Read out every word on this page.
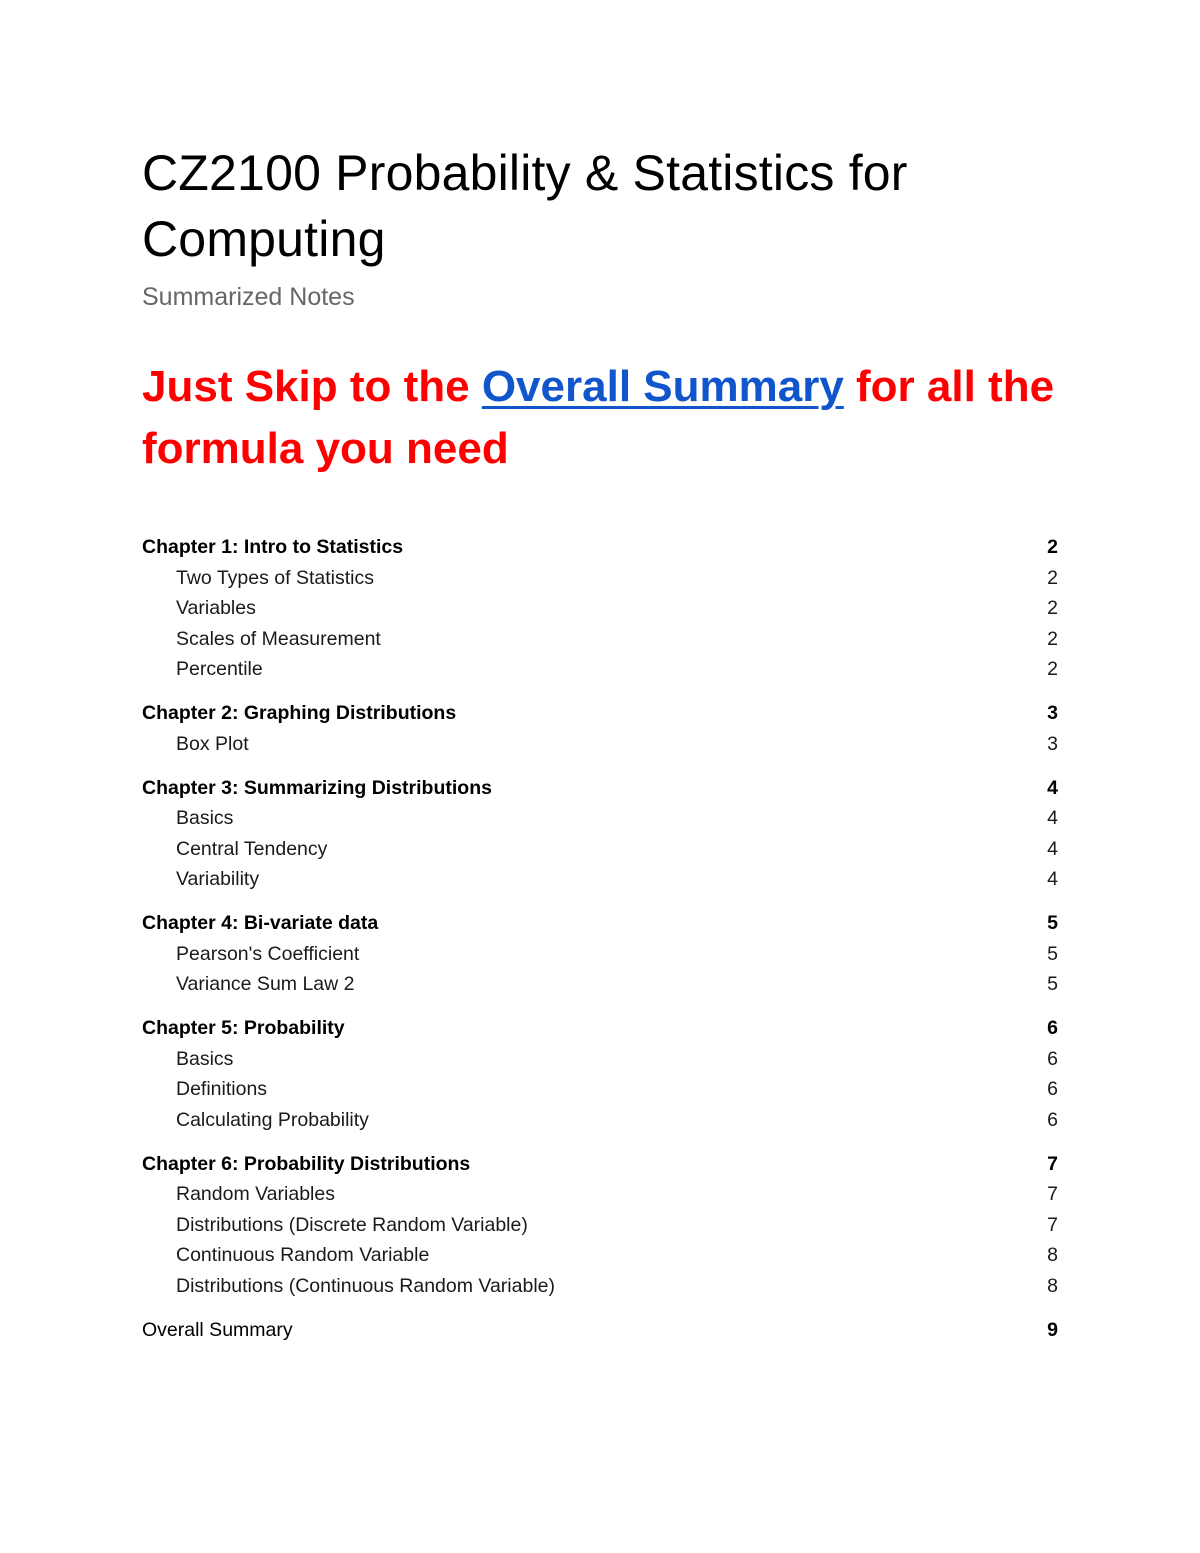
CZ2100 Probability & Statistics for Computing
Summarized Notes
Just Skip to the Overall Summary for all the formula you need
Chapter 1: Intro to Statistics	2
Two Types of Statistics	2
Variables	2
Scales of Measurement	2
Percentile	2
Chapter 2: Graphing Distributions	3
Box Plot	3
Chapter 3: Summarizing Distributions	4
Basics	4
Central Tendency	4
Variability	4
Chapter 4: Bi-variate data	5
Pearson's Coefficient	5
Variance Sum Law 2	5
Chapter 5: Probability	6
Basics	6
Definitions	6
Calculating Probability	6
Chapter 6: Probability Distributions	7
Random Variables	7
Distributions (Discrete Random Variable)	7
Continuous Random Variable	8
Distributions (Continuous Random Variable)	8
Overall Summary	9
